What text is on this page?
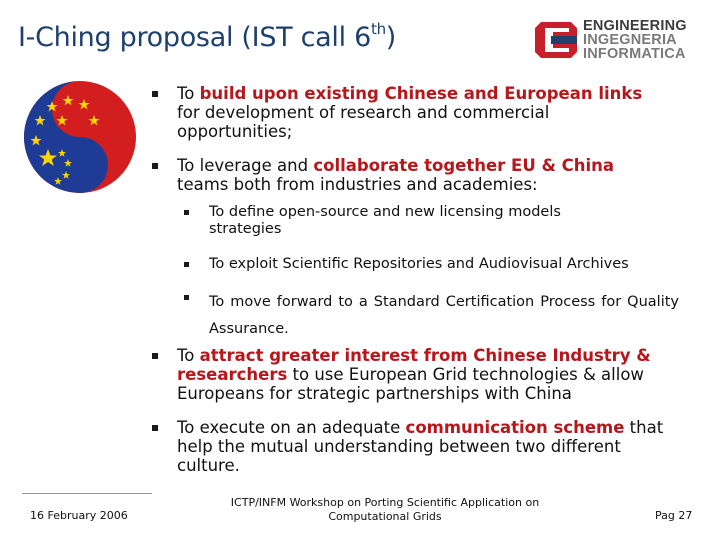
I-Ching proposal (IST call 6th)	ENGINEERING
INGEGNERIA
INFORMATICA
To build upon existing Chinese and European links for development of research and commercial opportunities;
To leverage and collaborate together EU & China teams both from industries and academies:
To define open-source and new licensing models strategies
To exploit Scientific Repositories and Audiovisual Archives
To move forward to a Standard Certification Process for Quality Assurance.
To attract greater interest from Chinese Industry & researchers to use European Grid technologies & allow Europeans for strategic partnerships with China
To execute on an adequate communication scheme that help the mutual understanding between two different culture.
16 February 2006
ICTP/INFM Workshop on Porting Scientific Application on Computational Grids	Pag 27
